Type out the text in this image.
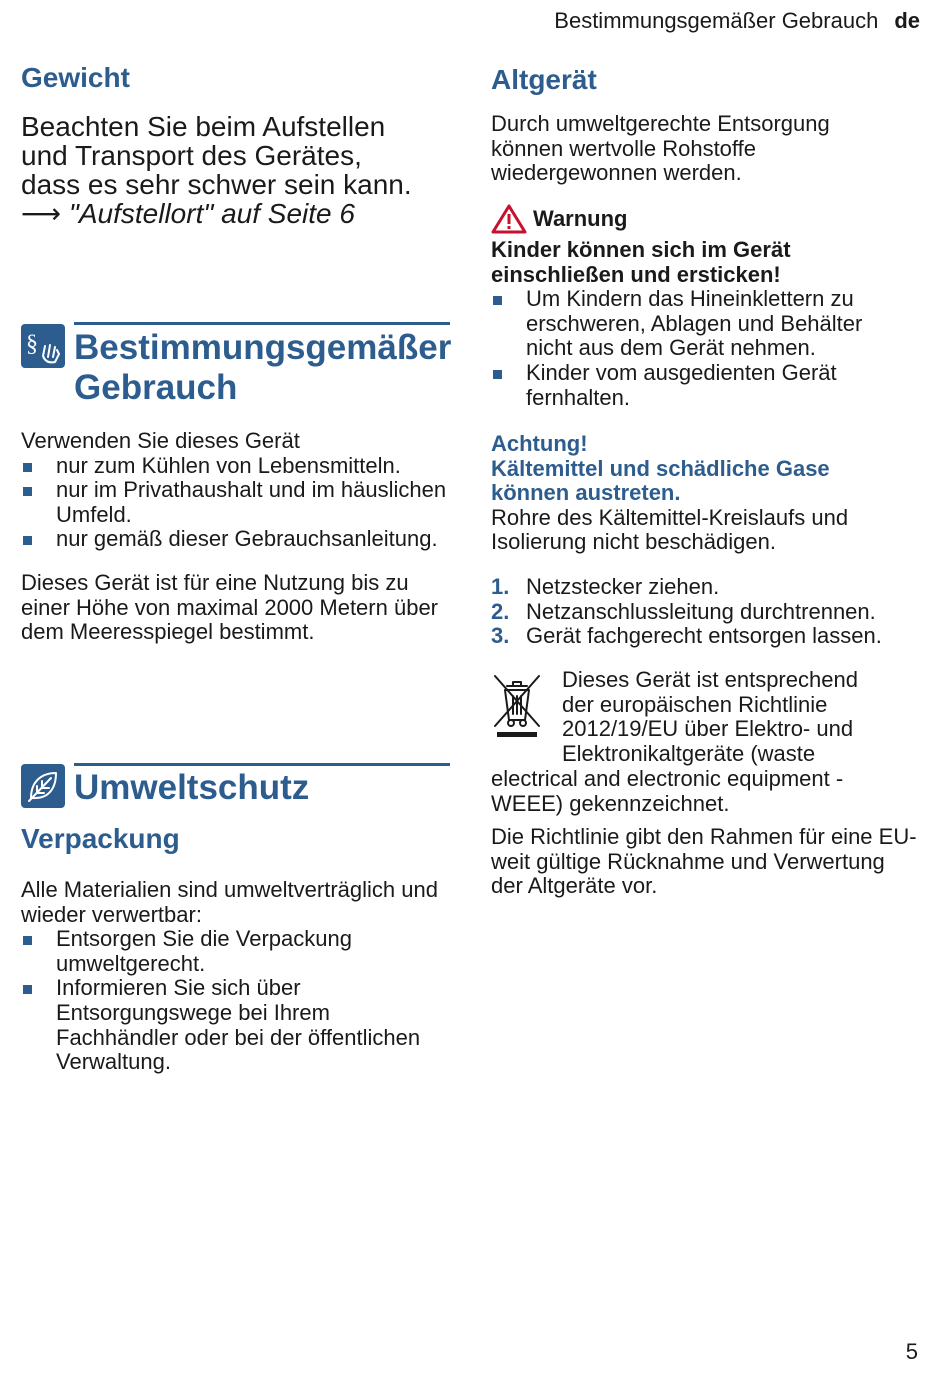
Bestimmungsgemäßer Gebrauch de
Gewicht
Beachten Sie beim Aufstellen
und Transport des Gerätes,
dass es sehr schwer sein kann.
⟶ "Aufstellort" auf Seite 6
§ Bestimmungsgemäßer
Gebrauch
Verwenden Sie dieses Gerät
nur zum Kühlen von Lebensmitteln.
nur im Privathaushalt und im häuslichen Umfeld.
nur gemäß dieser Gebrauchsanleitung.
Dieses Gerät ist für eine Nutzung bis zu einer Höhe von maximal 2000 Metern über dem Meeresspiegel bestimmt.
Umweltschutz
Verpackung
Alle Materialien sind umweltverträglich und wieder verwertbar:
Entsorgen Sie die Verpackung umweltgerecht.
Informieren Sie sich über Entsorgungswege bei Ihrem Fachhändler oder bei der öffentlichen Verwaltung.
Altgerät
Durch umweltgerechte Entsorgung können wertvolle Rohstoffe wiedergewonnen werden.
Warnung
Kinder können sich im Gerät einschließen und ersticken!
Um Kindern das Hineinklettern zu erschweren, Ablagen und Behälter nicht aus dem Gerät nehmen.
Kinder vom ausgedienten Gerät fernhalten.
Achtung!
Kältemittel und schädliche Gase können austreten.
Rohre des Kältemittel-Kreislaufs und Isolierung nicht beschädigen.
1. Netzstecker ziehen.
2. Netzanschlussleitung durchtrennen.
3. Gerät fachgerecht entsorgen lassen.
Dieses Gerät ist entsprechend
der europäischen Richtlinie
2012/19/EU über Elektro- und
Elektronikaltgeräte (waste
electrical and electronic equipment - WEEE) gekennzeichnet.
Die Richtlinie gibt den Rahmen für eine EU-weit gültige Rücknahme und Verwertung der Altgeräte vor.
5
